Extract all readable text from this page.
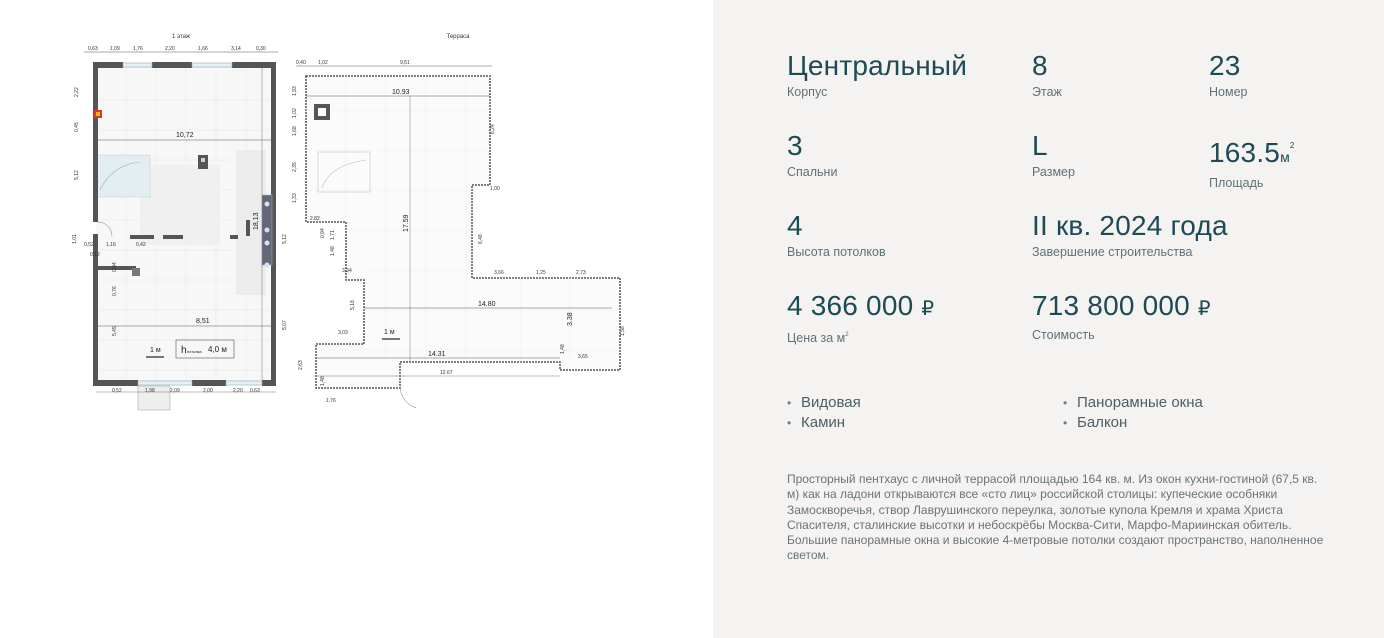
1 этаж	Терраса
0,63 1,09	1,76	2,20	1,66	3,14	0,30
10,72
8,51
18,13
2,22
0,45
5,12
1,01
0,52
0,12
1,16	0,42
0,94
0,76
5,45
5,12
5,07
1 м h потолка 4,0 м
0,52	1,98	2,09	2,00	2,20 0,63
0,40 1,02	9,51
10.93
17.59
14.80
14.31
12.67
3.38
1,93
1,02
1,68
2,35
1,33
2,82
0,94 1,71
1,48
3,34
5,18
6,24
1,00
6,48
3,66	1,25	2,73
3,03
2,63
1,48
1,76
3,65
1,48
1,58
1 м
Центральный
Корпус
8
Этаж
23
Номер
3
Спальни
L
Размер
$163.5м^2$
Площадь
4
Высота потолков
II кв. 2024 года
Завершение строительства
4 366 000 ₽
Цена за $м^2$
713 800 000 ₽
Стоимость
• Видовая
• Камин
• Панорамные окна
• Балкон

Просторный пентхаус с личной террасой площадью 164 кв. м. Из окон кухни-гостиной (67,5 кв. м) как на ладони открываются все «сто лиц» российской столицы: купеческие особняки Замоскворечья, створ Лаврушинского переулка, золотые купола Кремля и храма Христа Спасителя, сталинские высотки и небоскрёбы Москва-Сити, Марфо-Мариинская обитель. Большие панорамные окна и высокие 4-метровые потолки создают пространство, наполненное светом.
